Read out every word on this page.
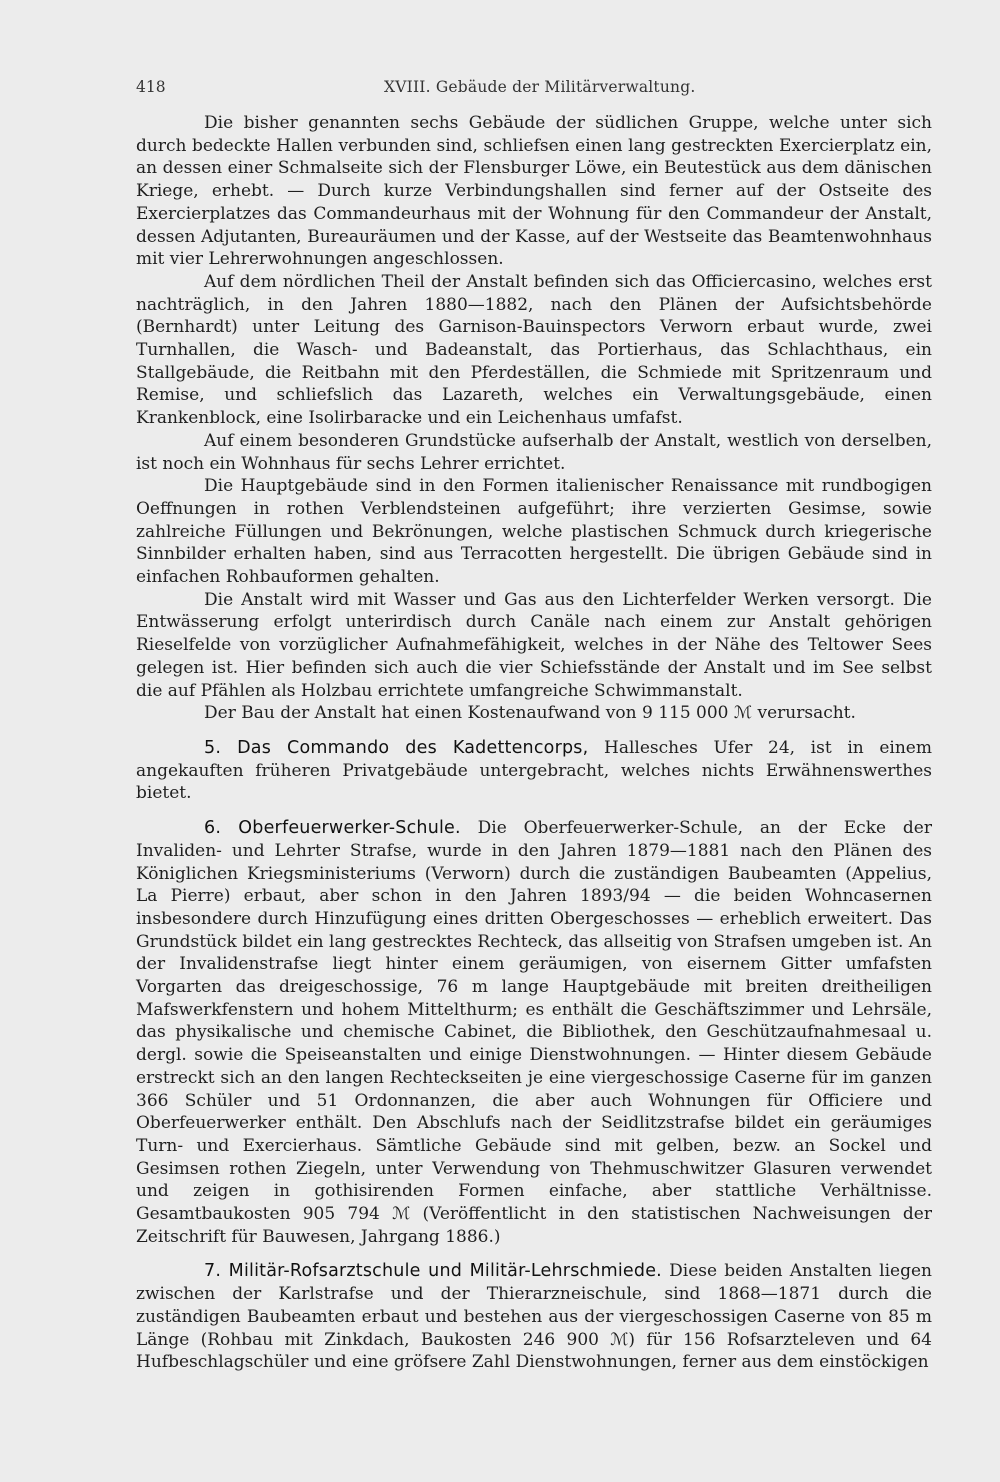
418	XVIII. Gebäude der Militärverwaltung.

Die bisher genannten sechs Gebäude der südlichen Gruppe, welche unter sich durch bedeckte Hallen verbunden sind, schliefsen einen lang gestreckten Exercierplatz ein, an dessen einer Schmalseite sich der Flensburger Löwe, ein Beutestück aus dem dänischen Kriege, erhebt. — Durch kurze Verbindungshallen sind ferner auf der Ostseite des Exercierplatzes das Commandeurhaus mit der Wohnung für den Commandeur der Anstalt, dessen Adjutanten, Bureauräumen und der Kasse, auf der Westseite das Beamtenwohnhaus mit vier Lehrerwohnungen angeschlossen.

Auf dem nördlichen Theil der Anstalt befinden sich das Officiercasino, welches erst nachträglich, in den Jahren 1880—1882, nach den Plänen der Aufsichtsbehörde (Bernhardt) unter Leitung des Garnison-Bauinspectors Verworn erbaut wurde, zwei Turnhallen, die Wasch- und Badeanstalt, das Portierhaus, das Schlachthaus, ein Stallgebäude, die Reitbahn mit den Pferdeställen, die Schmiede mit Spritzenraum und Remise, und schliefslich das Lazareth, welches ein Verwaltungsgebäude, einen Krankenblock, eine Isolirbaracke und ein Leichenhaus umfafst.

Auf einem besonderen Grundstücke aufserhalb der Anstalt, westlich von derselben, ist noch ein Wohnhaus für sechs Lehrer errichtet.

Die Hauptgebäude sind in den Formen italienischer Renaissance mit rundbogigen Oeffnungen in rothen Verblendsteinen aufgeführt; ihre verzierten Gesimse, sowie zahlreiche Füllungen und Bekrönungen, welche plastischen Schmuck durch kriegerische Sinnbilder erhalten haben, sind aus Terracotten hergestellt. Die übrigen Gebäude sind in einfachen Rohbauformen gehalten.

Die Anstalt wird mit Wasser und Gas aus den Lichterfelder Werken versorgt. Die Entwässerung erfolgt unterirdisch durch Canäle nach einem zur Anstalt gehörigen Rieselfelde von vorzüglicher Aufnahmefähigkeit, welches in der Nähe des Teltower Sees gelegen ist. Hier befinden sich auch die vier Schiefsstände der Anstalt und im See selbst die auf Pfählen als Holzbau errichtete umfangreiche Schwimmanstalt.

Der Bau der Anstalt hat einen Kostenaufwand von 9 115 000 ℳ verursacht.

5. Das Commando des Kadettencorps, Hallesches Ufer 24, ist in einem angekauften früheren Privatgebäude untergebracht, welches nichts Erwähnenswerthes bietet.

6. Oberfeuerwerker-Schule. Die Oberfeuerwerker-Schule, an der Ecke der Invaliden- und Lehrter Strafse, wurde in den Jahren 1879—1881 nach den Plänen des Königlichen Kriegsministeriums (Verworn) durch die zuständigen Baubeamten (Appelius, La Pierre) erbaut, aber schon in den Jahren 1893/94 — die beiden Wohncasernen insbesondere durch Hinzufügung eines dritten Obergeschosses — erheblich erweitert. Das Grundstück bildet ein lang gestrecktes Rechteck, das allseitig von Strafsen umgeben ist. An der Invalidenstrafse liegt hinter einem geräumigen, von eisernem Gitter umfafsten Vorgarten das dreigeschossige, 76 m lange Hauptgebäude mit breiten dreitheiligen Mafswerkfenstern und hohem Mittelthurm; es enthält die Geschäftszimmer und Lehrsäle, das physikalische und chemische Cabinet, die Bibliothek, den Geschützaufnahmesaal u. dergl. sowie die Speiseanstalten und einige Dienstwohnungen. — Hinter diesem Gebäude erstreckt sich an den langen Rechteckseiten je eine viergeschossige Caserne für im ganzen 366 Schüler und 51 Ordonnanzen, die aber auch Wohnungen für Officiere und Oberfeuerwerker enthält. Den Abschlufs nach der Seidlitzstrafse bildet ein geräumiges Turn- und Exercierhaus. Sämtliche Gebäude sind mit gelben, bezw. an Sockel und Gesimsen rothen Ziegeln, unter Verwendung von Thehmuschwitzer Glasuren verwendet und zeigen in gothisirenden Formen einfache, aber stattliche Verhältnisse. Gesamtbaukosten 905 794 ℳ (Veröffentlicht in den statistischen Nachweisungen der Zeitschrift für Bauwesen, Jahrgang 1886.)

7. Militär-Rofsarztschule und Militär-Lehrschmiede. Diese beiden Anstalten liegen zwischen der Karlstrafse und der Thierarzneischule, sind 1868—1871 durch die zuständigen Baubeamten erbaut und bestehen aus der viergeschossigen Caserne von 85 m Länge (Rohbau mit Zinkdach, Baukosten 246 900 ℳ) für 156 Rofsarzteleven und 64 Hufbeschlagschüler und eine gröfsere Zahl Dienstwohnungen, ferner aus dem einstöckigen
